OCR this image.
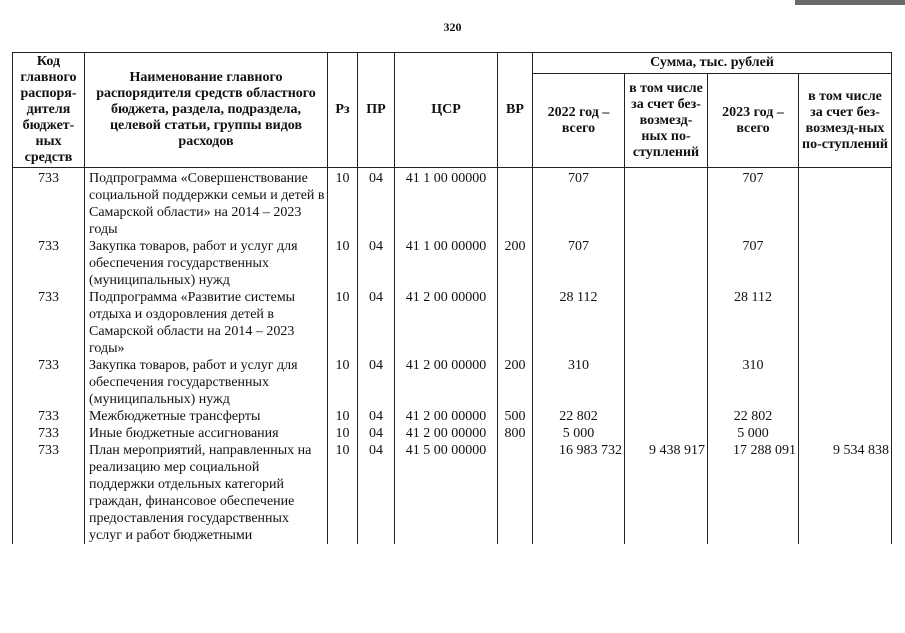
320
Код главного распоря-дителя бюджет-ных средств	Наименование главного распорядителя средств областного бюджета, раздела, подраздела, целевой статьи, группы видов расходов	Рз	ПР	ЦСР	ВР	Сумма, тыс. рублей			
						2022 год – всего	в том числе за счет без-возмезд-ных по-ступлений	2023 год – всего	в том числе за счет без-возмезд-ных по-ступлений
733	Подпрограмма «Совершенствование социальной поддержки семьи и детей в Самарской области» на 2014 – 2023 годы	10	04	41 1 00 00000		707		707	
733	Закупка товаров, работ и услуг для обеспечения государственных (муниципальных) нужд	10	04	41 1 00 00000	200	707		707	
733	Подпрограмма «Развитие системы отдыха и оздоровления детей в Самарской области на 2014 – 2023 годы»	10	04	41 2 00 00000		28 112		28 112	
733	Закупка товаров, работ и услуг для обеспечения государственных (муниципальных) нужд	10	04	41 2 00 00000	200	310		310	
733	Межбюджетные трансферты	10	04	41 2 00 00000	500	22 802		22 802	
733	Иные бюджетные ассигнования	10	04	41 2 00 00000	800	5 000		5 000	
733	План мероприятий, направленных на реализацию мер социальной поддержки отдельных категорий граждан, финансовое обеспечение предоставления государственных услуг и работ бюджетными	10	04	41 5 00 00000		16 983 732	9 438 917	17 288 091	9 534 838
